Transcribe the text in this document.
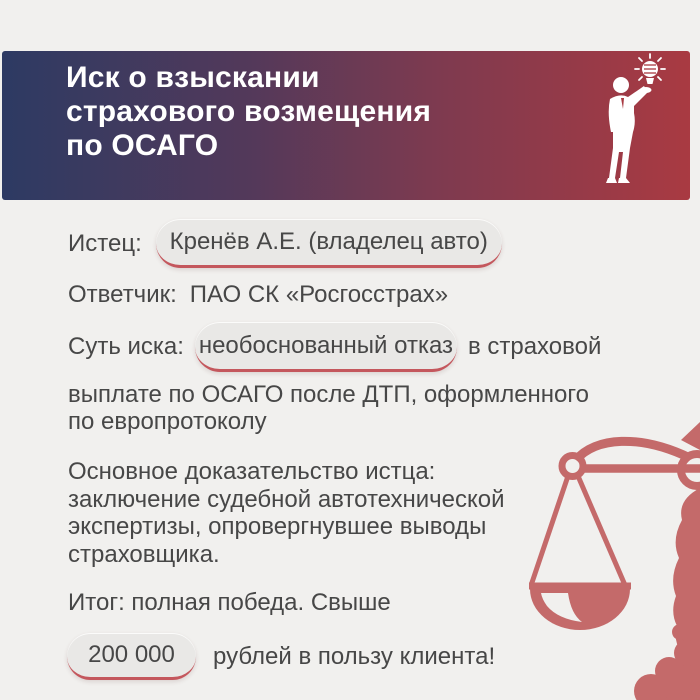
Иск о взыскании
страхового возмещения
по ОСАГО
Истец: Кренёв А.Е. (владелец авто)
Ответчик: ПАО СК «Росгосстрах»
Суть иска: необоснованный отказ в страховой
выплате по ОСАГО после ДТП, оформленного
по европротоколу
Основное доказательство истца:
заключение судебной автотехнической
экспертизы, опровергнувшее выводы
страховщика.
Итог: полная победа. Свыше
200 000 рублей в пользу клиента!
